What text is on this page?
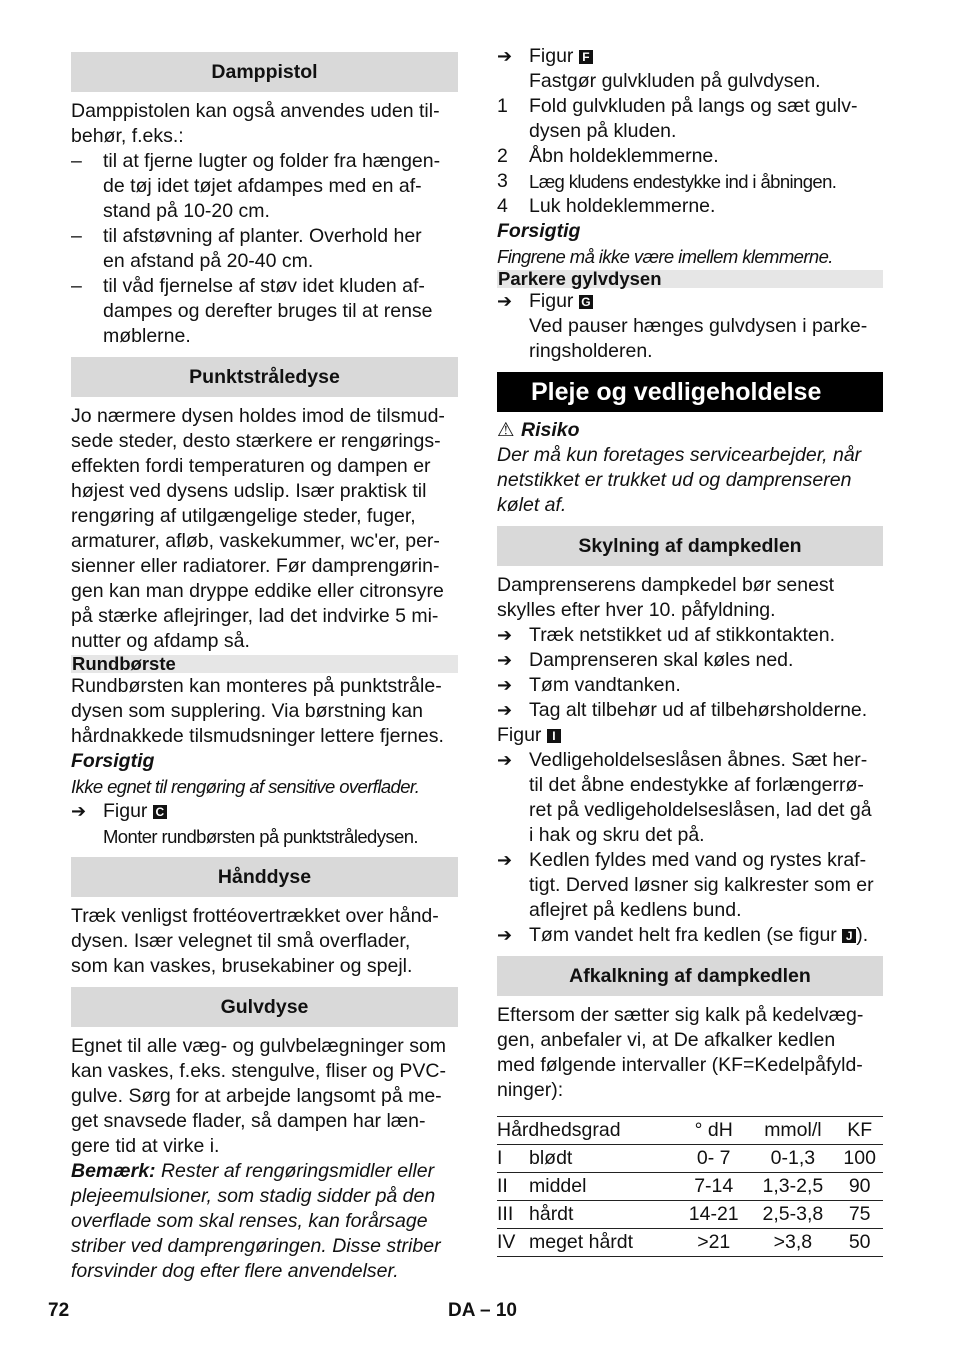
Damppistol

Damppistolen kan også anvendes uden til-
behør, f.eks.:

–	til at fjerne lugter og folder fra hængen-
de tøj idet tøjet afdampes med en af-
stand på 10-20 cm.
–	til afstøvning af planter. Overhold her
en afstand på 20-40 cm.
–	til våd fjernelse af støv idet kluden af-
dampes og derefter bruges til at rense
møblerne.
Punktstråledyse

Jo nærmere dysen holdes imod de tilsmud-
sede steder, desto stærkere er rengørings-
effekten fordi temperaturen og dampen er
højest ved dysens udslip. Især praktisk til
rengøring af utilgængelige steder, fuger,
armaturer, afløb, vaskekummer, wc'er, per-
sienner eller radiatorer. Før damprengørin-
gen kan man dryppe eddike eller citronsyre
på stærke aflejringer, lad det indvirke 5 mi-
nutter og afdamp så.

Rundbørste

Rundbørsten kan monteres på punktstråle-
dysen som supplering. Via børstning kan
hårdnakkede tilsmudsninger lettere fjernes.

Forsigtig

Ikke egnet til rengøring af sensitive overflader.

➔ Figur C
Monter rundbørsten på punktstråledysen.
Hånddyse

Træk venligst frottéovertrækket over hånd-
dysen. Især velegnet til små overflader,
som kan vaskes, brusekabiner og spejl.

Gulvdyse

Egnet til alle væg- og gulvbelægninger som
kan vaskes, f.eks. stengulve, fliser og PVC-
gulve. Sørg for at arbejde langsomt på me-
get snavsede flader, så dampen har læn-
gere tid at virke i.

Bemærk: Rester af rengøringsmidler eller
plejeemulsioner, som stadig sidder på den
overflade som skal renses, kan forårsage
striber ved damprengøringen. Disse striber
forsvinder dog efter flere anvendelser.

➔ Figur F
Fastgør gulvkluden på gulvdysen.
1	Fold gulvkluden på langs og sæt gulv-
dysen på kluden.
2	Åbn holdeklemmerne.
3	Læg kludens endestykke ind i åbningen.
4	Luk holdeklemmerne.

Forsigtig

Fingrene må ikke være imellem klemmerne.

Parkere gylvdysen
➔ Figur G
Ved pauser hænges gulvdysen i parke-
ringsholderen.
Pleje og vedligeholdelse

⚠ Risiko

Der må kun foretages servicearbejder, når
netstikket er trukket ud og damprenseren
kølet af.

Skylning af dampkedlen

Damprenserens dampkedel bør senest
skylles efter hver 10. påfyldning.

➔ Træk netstikket ud af stikkontakten.
➔ Damprenseren skal køles ned.
➔ Tøm vandtanken.
➔ Tag alt tilbehør ud af tilbehørsholderne.

Figur I

➔ Vedligeholdelseslåsen åbnes. Sæt her-
til det åbne endestykke af forlængerrø-
ret på vedligeholdelseslåsen, lad det gå
i hak og skru det på.
➔ Kedlen fyldes med vand og rystes kraf-
tigt. Derved løsner sig kalkrester som er
aflejret på kedlens bund.
➔ Tøm vandet helt fra kedlen (se figur J ).
Afkalkning af dampkedlen

Eftersom der sætter sig kalk på kedelvæg-
gen, anbefaler vi, at De afkalker kedlen
med følgende intervaller (KF=Kedelpåfyld-
ninger):

Hårdhedsgrad		° dH	mmol/l	KF
I	blødt	0- 7	0-1,3	100
II	middel	7-14	1,3-2,5	90
III	hårdt	14-21	2,5-3,8	75
IV	meget hårdt	>21	>3,8	50
72	DA – 10
